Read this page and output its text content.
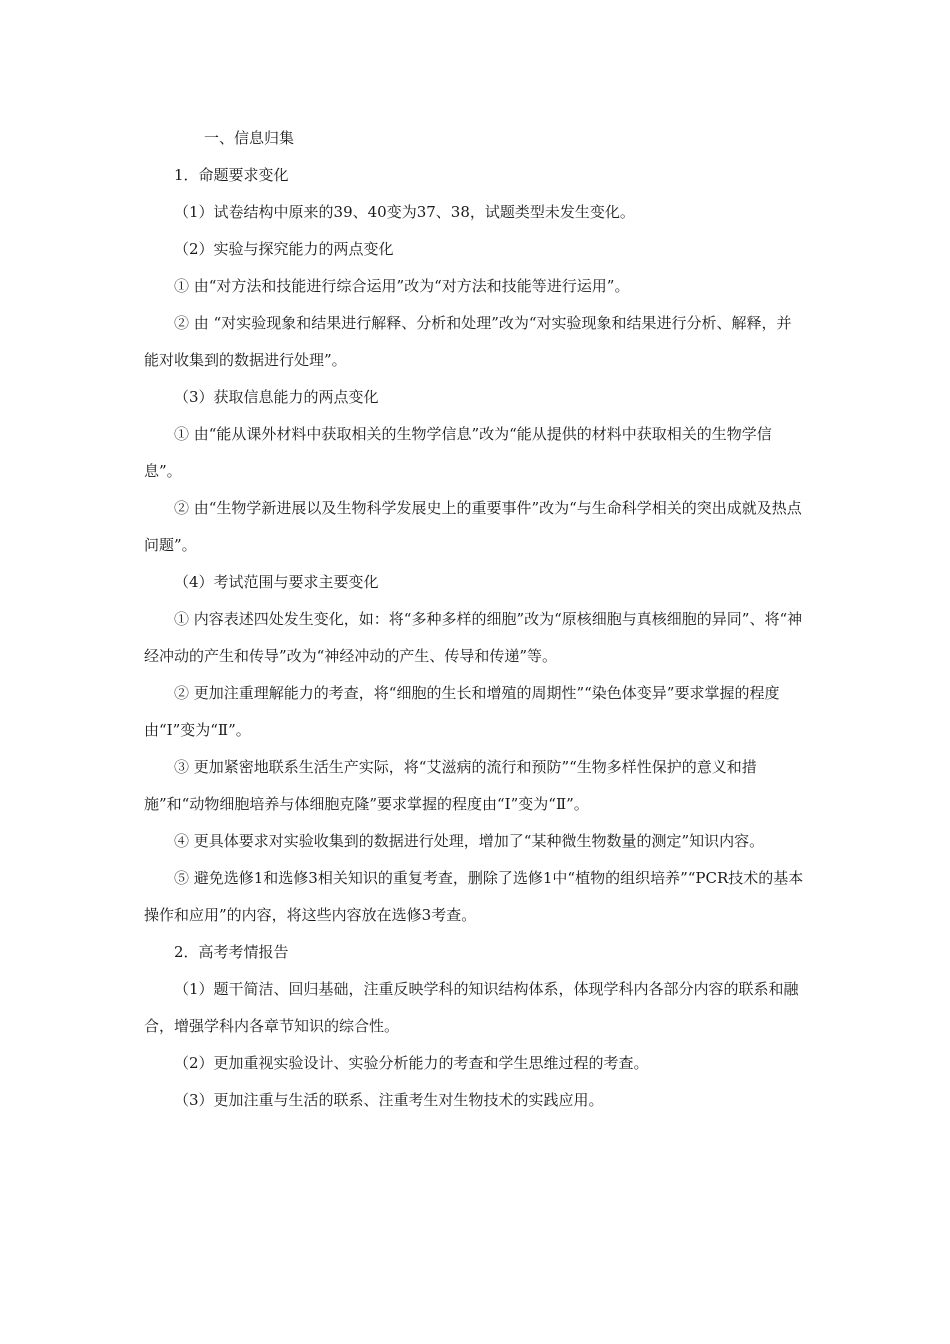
一、信息归集

1．命题要求变化

（1）试卷结构中原来的39、40变为37、38，试题类型未发生变化。

（2）实验与探究能力的两点变化

① 由“对方法和技能进行综合运用”改为“对方法和技能等进行运用”。

② 由 “对实验现象和结果进行解释、分析和处理”改为“对实验现象和结果进行分析、解释，并能对收集到的数据进行处理”。

（3）获取信息能力的两点变化

① 由“能从课外材料中获取相关的生物学信息”改为“能从提供的材料中获取相关的生物学信息”。

② 由“生物学新进展以及生物科学发展史上的重要事件”改为“与生命科学相关的突出成就及热点问题”。

（4）考试范围与要求主要变化

① 内容表述四处发生变化，如：将“多种多样的细胞”改为“原核细胞与真核细胞的异同”、将“神经冲动的产生和传导”改为“神经冲动的产生、传导和传递”等。

② 更加注重理解能力的考查，将“细胞的生长和增殖的周期性”“染色体变异”要求掌握的程度由“Ⅰ”变为“Ⅱ”。

③ 更加紧密地联系生活生产实际，将“艾滋病的流行和预防”“生物多样性保护的意义和措施”和“动物细胞培养与体细胞克隆”要求掌握的程度由“Ⅰ”变为“Ⅱ”。

④ 更具体要求对实验收集到的数据进行处理，增加了“某种微生物数量的测定”知识内容。

⑤ 避免选修1和选修3相关知识的重复考查，删除了选修1中“植物的组织培养”“PCR技术的基本操作和应用”的内容，将这些内容放在选修3考查。

2．高考考情报告

（1）题干简洁、回归基础，注重反映学科的知识结构体系，体现学科内各部分内容的联系和融合，增强学科内各章节知识的综合性。

（2）更加重视实验设计、实验分析能力的考查和学生思维过程的考查。

（3）更加注重与生活的联系、注重考生对生物技术的实践应用。
